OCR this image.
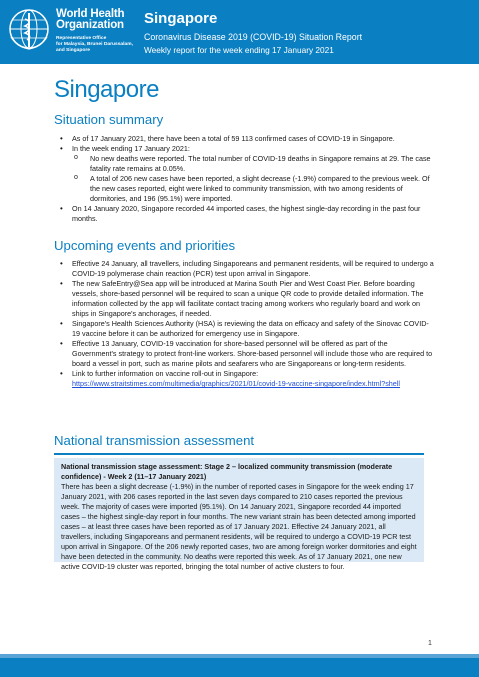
World Health
Organization
Representative Office
for Malaysia, Brunei Darussalam,
and Singapore
Singapore
Coronavirus Disease 2019 (COVID-19) Situation Report
Weekly report for the week ending 17 January 2021
Singapore
Situation summary
• As of 17 January 2021, there have been a total of 59 113 confirmed cases of COVID-19 in Singapore.
• In the week ending 17 January 2021:
o No new deaths were reported. The total number of COVID-19 deaths in Singapore remains at 29. The case fatality rate remains at 0.05%.
o A total of 206 new cases have been reported, a slight decrease (-1.9%) compared to the previous week. Of the new cases reported, eight were linked to community transmission, with two among residents of dormitories, and 196 (95.1%) were imported.
• On 14 January 2020, Singapore recorded 44 imported cases, the highest single-day recording in the past four months.
Upcoming events and priorities
• Effective 24 January, all travellers, including Singaporeans and permanent residents, will be required to undergo a COVID-19 polymerase chain reaction (PCR) test upon arrival in Singapore.
• The new SafeEntry@Sea app will be introduced at Marina South Pier and West Coast Pier. Before boarding vessels, shore-based personnel will be required to scan a unique QR code to provide detailed information. The information collected by the app will facilitate contact tracing among workers who regularly board and work on ships in Singapore's anchorages, if needed.
• Singapore's Health Sciences Authority (HSA) is reviewing the data on efficacy and safety of the Sinovac COVID-19 vaccine before it can be authorized for emergency use in Singapore.
• Effective 13 January, COVID-19 vaccination for shore-based personnel will be offered as part of the Government's strategy to protect front-line workers. Shore-based personnel will include those who are required to board a vessel in port, such as marine pilots and seafarers who are Singaporeans or long-term residents.
• Link to further information on vaccine roll-out in Singapore:
https://www.straitstimes.com/multimedia/graphics/2021/01/covid-19-vaccine-singapore/index.html?shell
National transmission assessment
National transmission stage assessment: Stage 2 – localized community transmission (moderate confidence) - Week 2 (11–17 January 2021)
There has been a slight decrease (-1.9%) in the number of reported cases in Singapore for the week ending 17 January 2021, with 206 cases reported in the last seven days compared to 210 cases reported the previous week. The majority of cases were imported (95.1%). On 14 January 2021, Singapore recorded 44 imported cases – the highest single-day report in four months. The new variant strain has been detected among imported cases – at least three cases have been reported as of 17 January 2021. Effective 24 January 2021, all travellers, including Singaporeans and permanent residents, will be required to undergo a COVID-19 PCR test upon arrival in Singapore. Of the 206 newly reported cases, two are among foreign worker dormitories and eight have been detected in the community. No deaths were reported this week. As of 17 January 2021, one new active COVID-19 cluster was reported, bringing the total number of active clusters to four.
1
